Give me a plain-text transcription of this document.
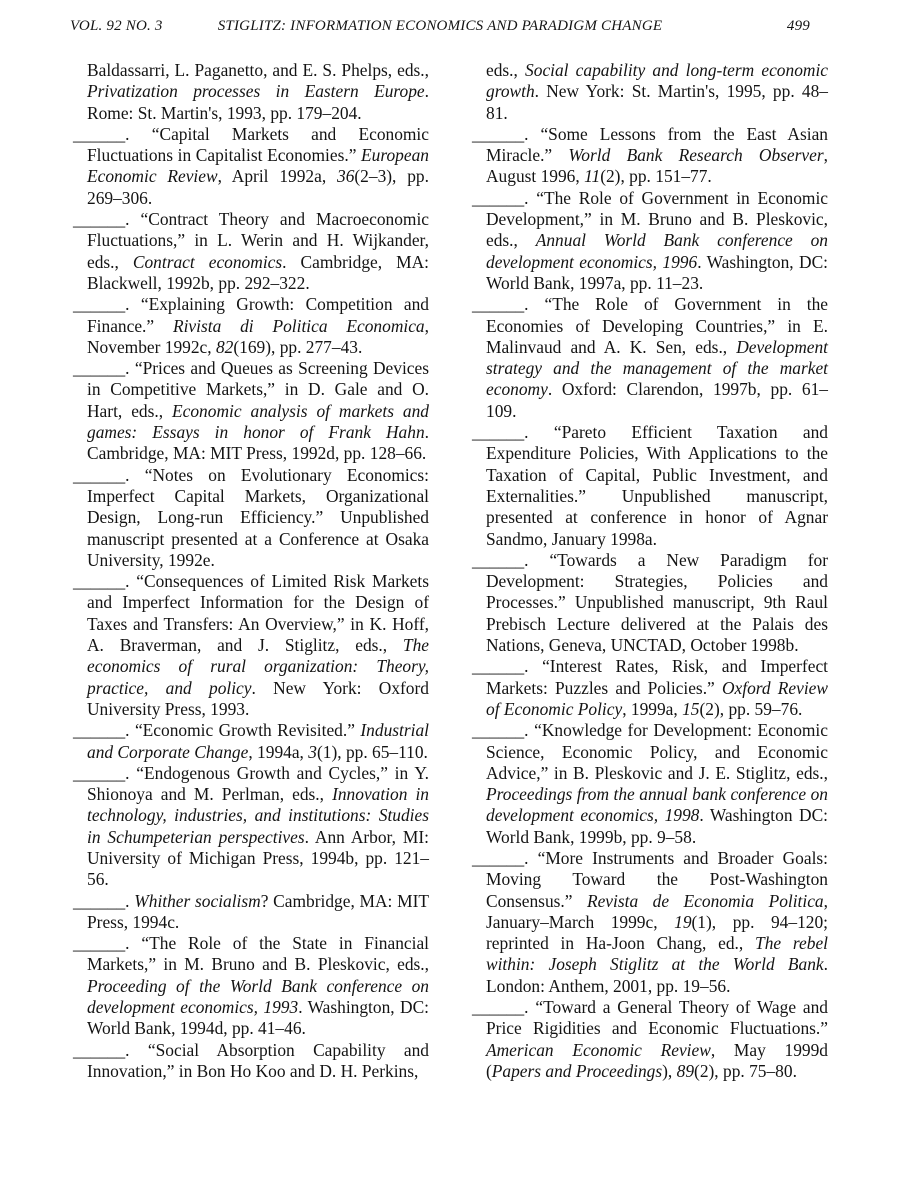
VOL. 92 NO. 3	STIGLITZ: INFORMATION ECONOMICS AND PARADIGM CHANGE	499

Baldassarri, L. Paganetto, and E. S. Phelps, eds., Privatization processes in Eastern Europe. Rome: St. Martin's, 1993, pp. 179–204.

______. “Capital Markets and Economic Fluctuations in Capitalist Economies.” European Economic Review, April 1992a, 36(2–3), pp. 269–306.

______. “Contract Theory and Macroeconomic Fluctuations,” in L. Werin and H. Wijkander, eds., Contract economics. Cambridge, MA: Blackwell, 1992b, pp. 292–322.

______. “Explaining Growth: Competition and Finance.” Rivista di Politica Economica, November 1992c, 82(169), pp. 277–43.

______. “Prices and Queues as Screening Devices in Competitive Markets,” in D. Gale and O. Hart, eds., Economic analysis of markets and games: Essays in honor of Frank Hahn. Cambridge, MA: MIT Press, 1992d, pp. 128–66.

______. “Notes on Evolutionary Economics: Imperfect Capital Markets, Organizational Design, Long-run Efficiency.” Unpublished manuscript presented at a Conference at Osaka University, 1992e.

______. “Consequences of Limited Risk Markets and Imperfect Information for the Design of Taxes and Transfers: An Overview,” in K. Hoff, A. Braverman, and J. Stiglitz, eds., The economics of rural organization: Theory, practice, and policy. New York: Oxford University Press, 1993.

______. “Economic Growth Revisited.” Industrial and Corporate Change, 1994a, 3(1), pp. 65–110.

______. “Endogenous Growth and Cycles,” in Y. Shionoya and M. Perlman, eds., Innovation in technology, industries, and institutions: Studies in Schumpeterian perspectives. Ann Arbor, MI: University of Michigan Press, 1994b, pp. 121–56.

______. Whither socialism? Cambridge, MA: MIT Press, 1994c.

______. “The Role of the State in Financial Markets,” in M. Bruno and B. Pleskovic, eds., Proceeding of the World Bank conference on development economics, 1993. Washington, DC: World Bank, 1994d, pp. 41–46.

______. “Social Absorption Capability and Innovation,” in Bon Ho Koo and D. H. Perkins,

eds., Social capability and long-term economic growth. New York: St. Martin's, 1995, pp. 48–81.

______. “Some Lessons from the East Asian Miracle.” World Bank Research Observer, August 1996, 11(2), pp. 151–77.

______. “The Role of Government in Economic Development,” in M. Bruno and B. Pleskovic, eds., Annual World Bank conference on development economics, 1996. Washington, DC: World Bank, 1997a, pp. 11–23.

______. “The Role of Government in the Economies of Developing Countries,” in E. Malinvaud and A. K. Sen, eds., Development strategy and the management of the market economy. Oxford: Clarendon, 1997b, pp. 61–109.

______. “Pareto Efficient Taxation and Expenditure Policies, With Applications to the Taxation of Capital, Public Investment, and Externalities.” Unpublished manuscript, presented at conference in honor of Agnar Sandmo, January 1998a.

______. “Towards a New Paradigm for Development: Strategies, Policies and Processes.” Unpublished manuscript, 9th Raul Prebisch Lecture delivered at the Palais des Nations, Geneva, UNCTAD, October 1998b.

______. “Interest Rates, Risk, and Imperfect Markets: Puzzles and Policies.” Oxford Review of Economic Policy, 1999a, 15(2), pp. 59–76.

______. “Knowledge for Development: Economic Science, Economic Policy, and Economic Advice,” in B. Pleskovic and J. E. Stiglitz, eds., Proceedings from the annual bank conference on development economics, 1998. Washington DC: World Bank, 1999b, pp. 9–58.

______. “More Instruments and Broader Goals: Moving Toward the Post-Washington Consensus.” Revista de Economia Politica, January–March 1999c, 19(1), pp. 94–120; reprinted in Ha-Joon Chang, ed., The rebel within: Joseph Stiglitz at the World Bank. London: Anthem, 2001, pp. 19–56.

______. “Toward a General Theory of Wage and Price Rigidities and Economic Fluctuations.” American Economic Review, May 1999d (Papers and Proceedings), 89(2), pp. 75–80.
